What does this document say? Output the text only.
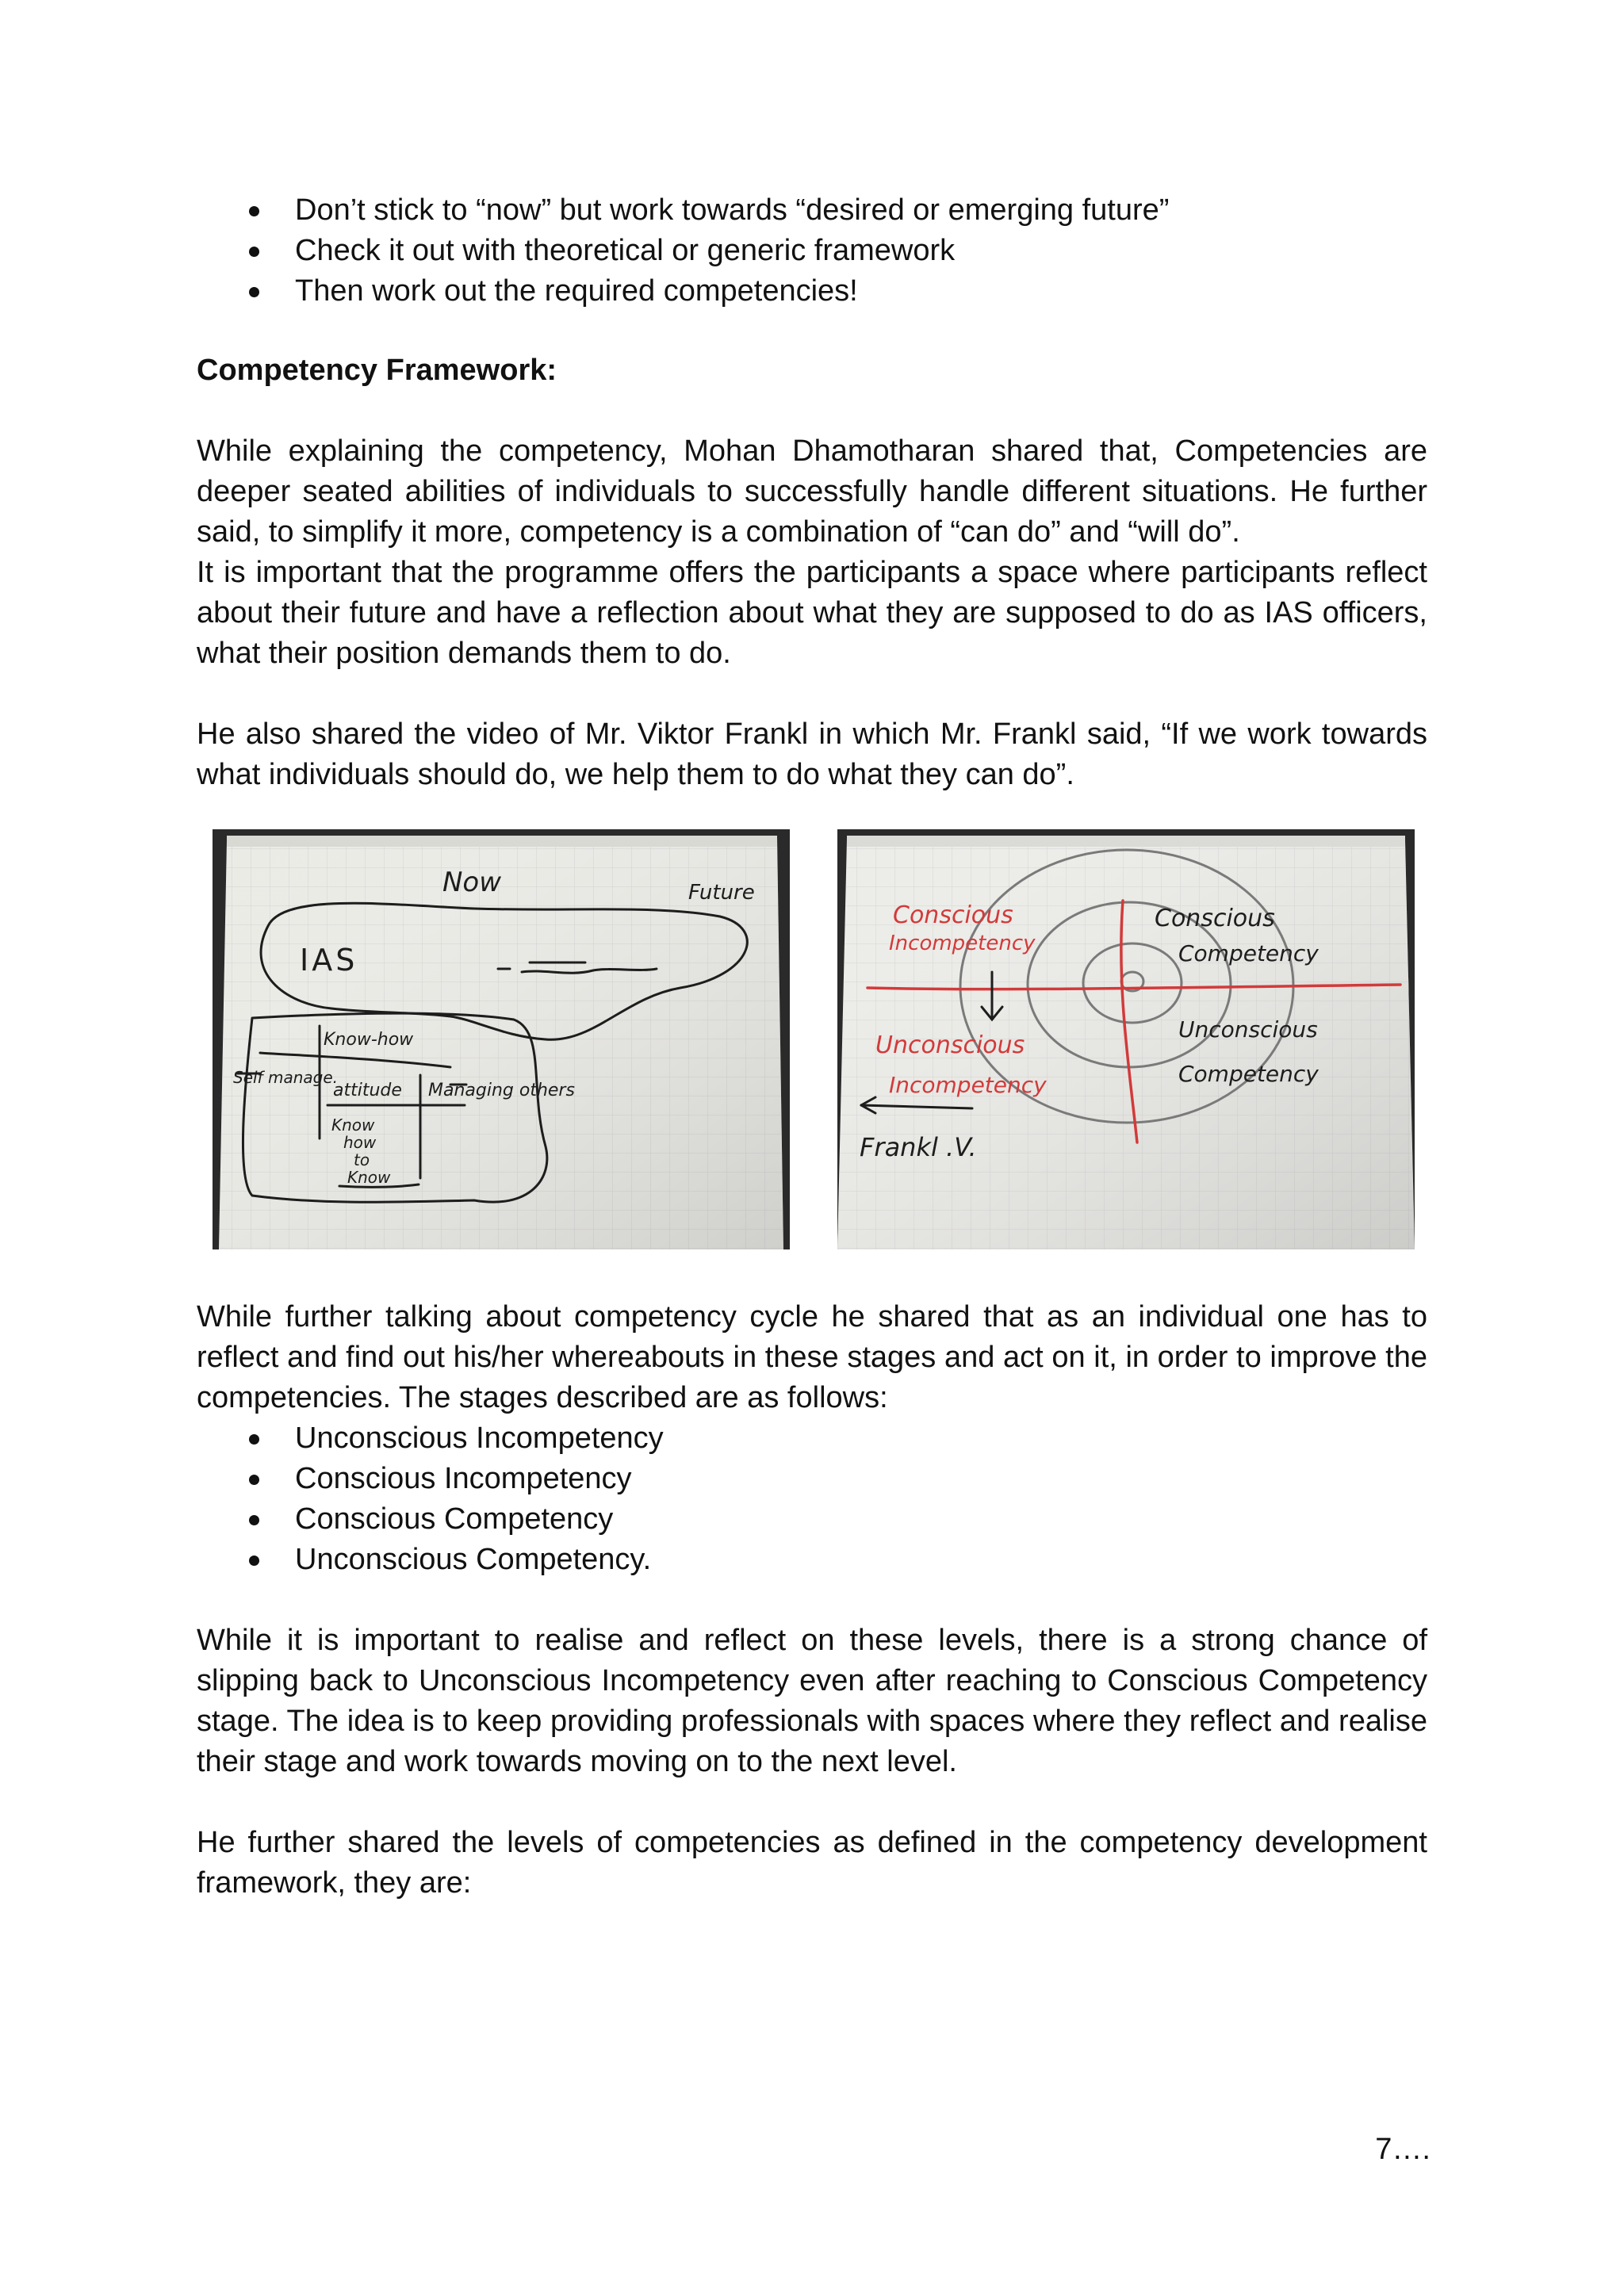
Don’t stick to “now” but work towards “desired or emerging future”
Check it out with theoretical or generic framework
Then work out the required competencies!
Competency Framework:

While explaining the competency, Mohan Dhamotharan shared that, Competencies are deeper seated abilities of individuals to successfully handle different situations. He further said, to simplify it more, competency is a combination of “can do” and “will do”.

It is important that the programme offers the participants a space where participants reflect about their future and have a reflection about what they are supposed to do as IAS officers, what their position demands them to do.

He also shared the video of Mr. Viktor Frankl in which Mr. Frankl said, “If we work towards what individuals should do, we help them to do what they can do”.

While further talking about competency cycle he shared that as an individual one has to reflect and find out his/her whereabouts in these stages and act on it, in order to improve the competencies. The stages described are as follows:

Unconscious Incompetency
Conscious Incompetency
Conscious Competency
Unconscious Competency.

While it is important to realise and reflect on these levels, there is a strong chance of slipping back to Unconscious Incompetency even after reaching to Conscious Competency stage. The idea is to keep providing professionals with spaces where they reflect and realise their stage and work towards moving on to the next level.

He further shared the levels of competencies as defined in the competency development framework, they are:

Now	Future
IAS
Know-how
Self manage.
attitude Managing others
Know
how
to
Know
Conscious
Incompetency
Conscious
Competency
Unconscious
Incompetency
Unconscious
Competency
Frankl .V.
7….
